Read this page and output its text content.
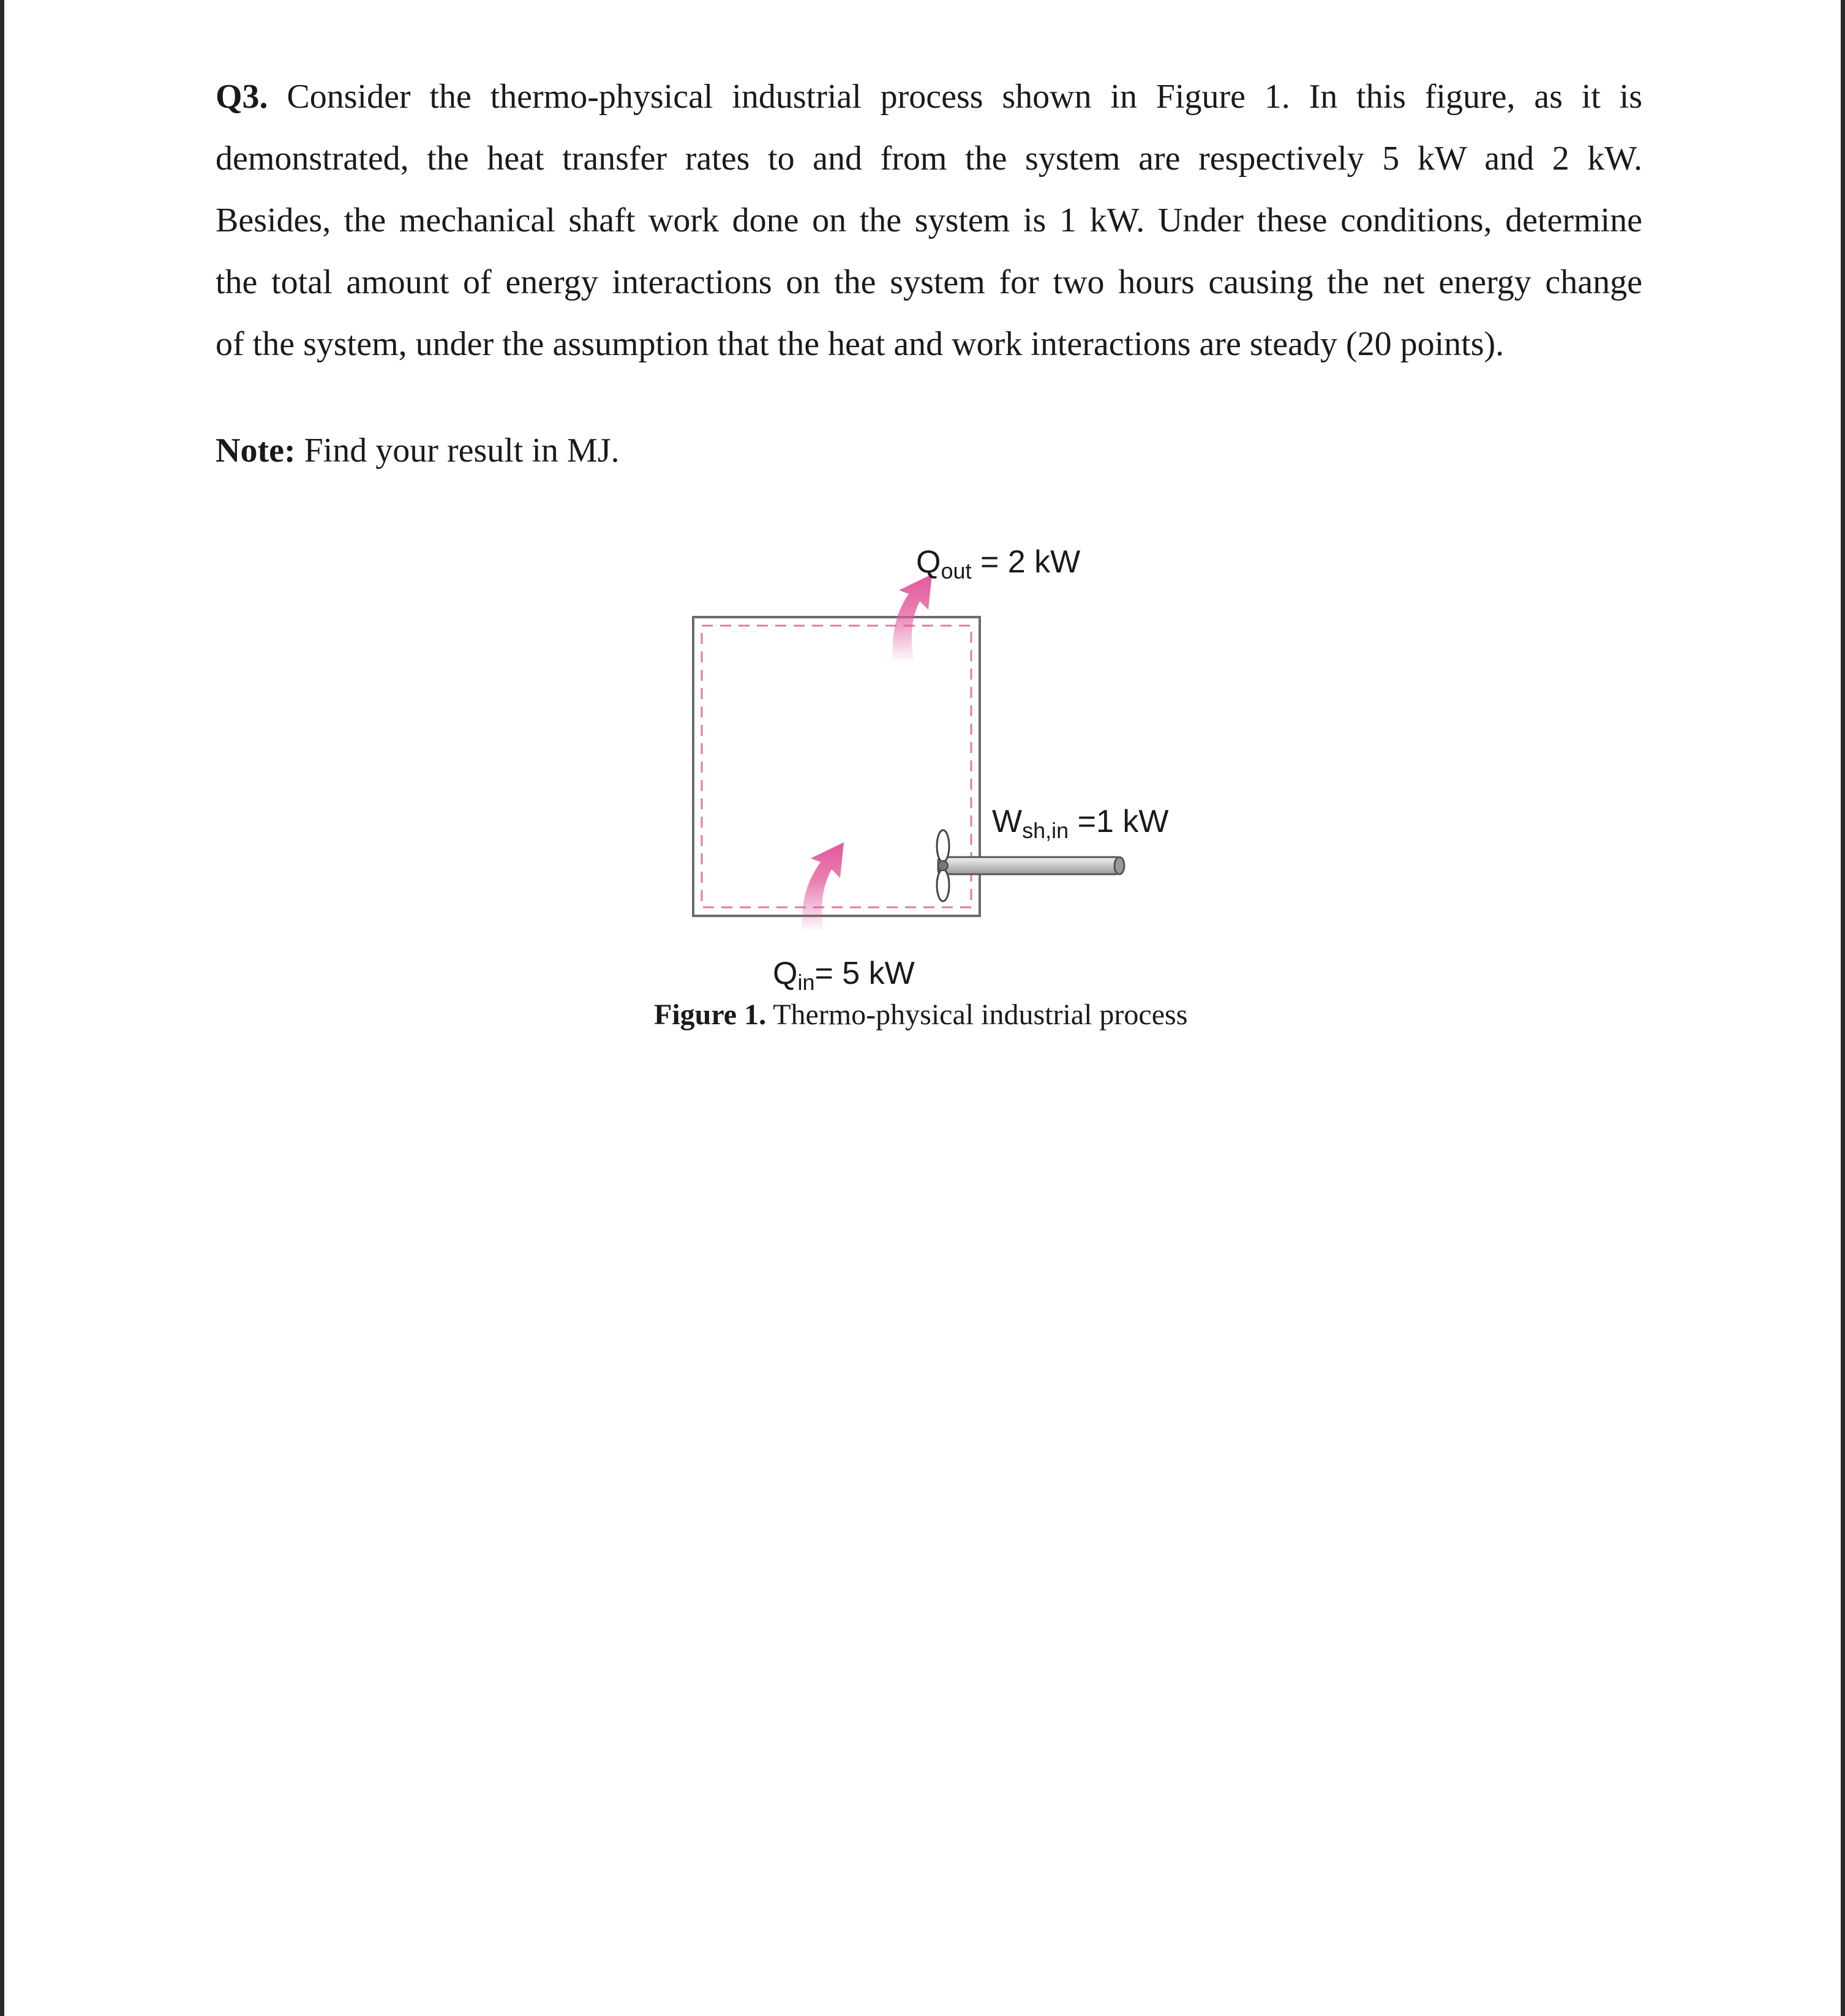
Q3. Consider the thermo-physical industrial process shown in Figure 1. In this figure, as it is
demonstrated, the heat transfer rates to and from the system are respectively 5 kW and 2 kW.
Besides, the mechanical shaft work done on the system is 1 kW. Under these conditions, determine
the total amount of energy interactions on the system for two hours causing the net energy change
of the system, under the assumption that the heat and work interactions are steady (20 points).

Note: Find your result in MJ.

$Q_{out} = 2$ kW
$W_{sh,in} =1$ kW
$Q_{in}= 5$ kW

Figure 1. Thermo-physical industrial process
